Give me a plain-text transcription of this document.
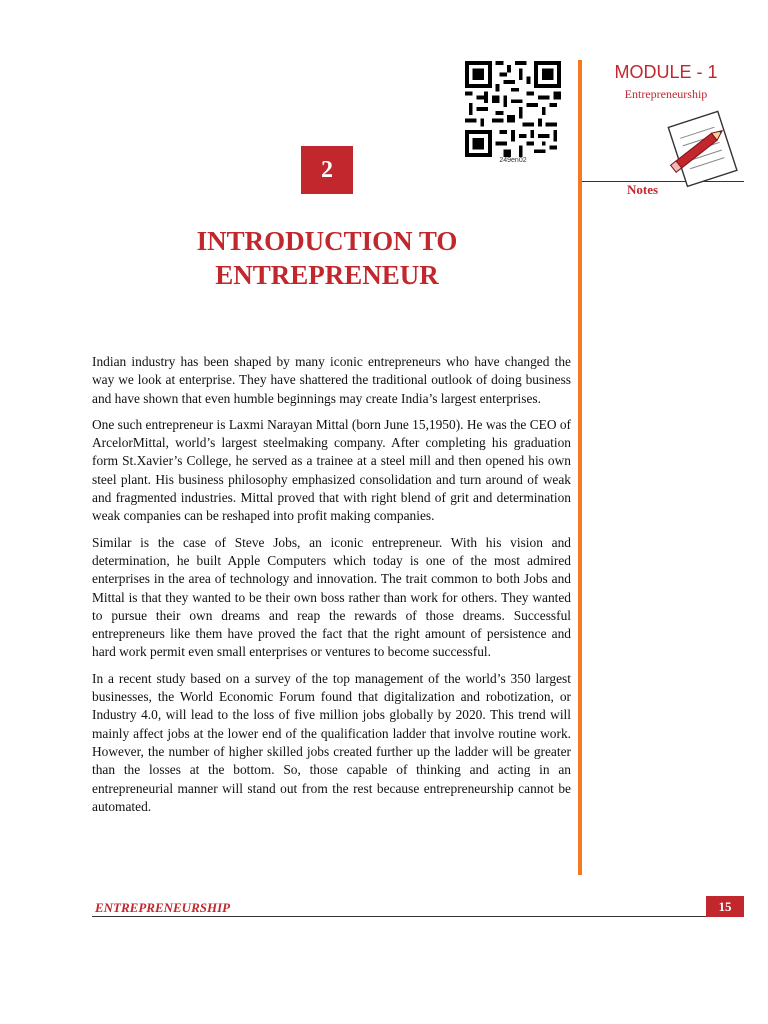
249en02
MODULE - 1
Entrepreneurship
Notes
2
INTRODUCTION TO
ENTREPRENEUR

Indian industry has been shaped by many iconic entrepreneurs who have changed the way we look at enterprise. They have shattered the traditional outlook of doing business and have shown that even humble beginnings may create India’s largest enterprises.

One such entrepreneur is Laxmi Narayan Mittal (born June 15,1950). He was the CEO of ArcelorMittal, world’s largest steelmaking company. After completing his graduation form St.Xavier’s College, he served as a trainee at a steel mill and then opened his own steel plant. His business philosophy emphasized consolidation and turn around of weak and fragmented industries. Mittal proved that with right blend of grit and determination weak companies can be reshaped into profit making companies.

Similar is the case of Steve Jobs, an iconic entrepreneur. With his vision and determination, he built Apple Computers which today is one of the most admired enterprises in the area of technology and innovation. The trait common to both Jobs and Mittal is that they wanted to be their own boss rather than work for others. They wanted to pursue their own dreams and reap the rewards of those dreams. Successful entrepreneurs like them have proved the fact that the right amount of persistence and hard work permit even small enterprises or ventures to become successful.

In a recent study based on a survey of the top management of the world’s 350 largest businesses, the World Economic Forum found that digitalization and robotization, or Industry 4.0, will lead to the loss of five million jobs globally by 2020. This trend will mainly affect jobs at the lower end of the qualification ladder that involve routine work. However, the number of higher skilled jobs created further up the ladder will be greater than the losses at the bottom. So, those capable of thinking and acting in an entrepreneurial manner will stand out from the rest because entrepreneurship cannot be automated.

ENTREPRENEURSHIP	15
